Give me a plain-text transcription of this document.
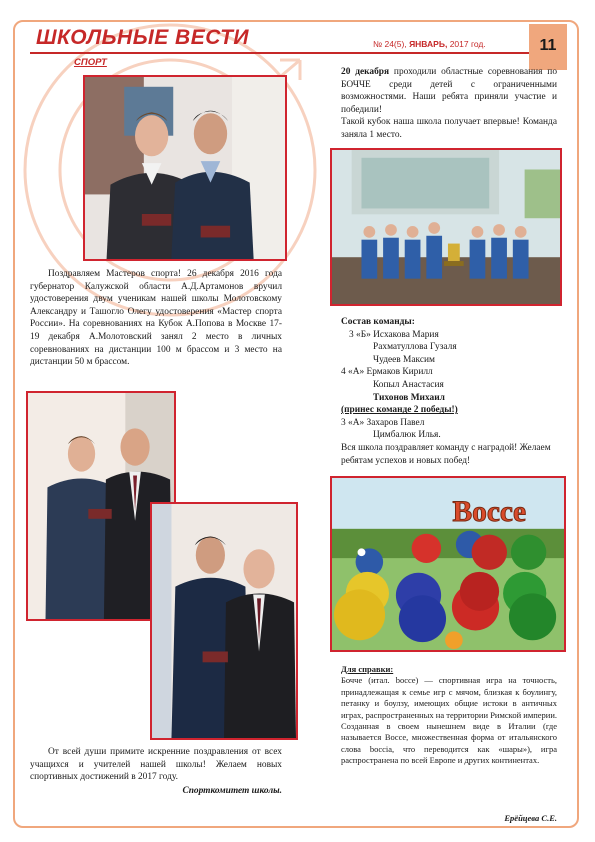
ШКОЛЬНЫЕ ВЕСТИ	№ 24(5), ЯНВАРЬ, 2017 год.	11
СПОРТ
Поздравляем Мастеров спорта! 26 декабря 2016 года губернатор Калужской области А.Д.Артамонов вручил удостоверения двум ученикам нашей школы Молотовскому Александру и Ташогло Олегу удостоверения «Мастер спорта России». На соревнованиях на Кубок А.Попова в Москве 17-19 декабря А.Молотовский занял 2 место в личных соревнованиях на дистанции 100 м брассом и 3 место на дистанции 50 м брассом.
От всей души примите искренние поздравления от всех учащихся и учителей нашей школы! Желаем новых спортивных достижений в 2017 году.
Спорткомитет школы.

20 декабря проходили областные соревнования по БОЧЧЕ среди детей с ограниченными возможностями. Наши ребята приняли участие и победили!

Такой кубок наша школа получает впервые! Команда заняла 1 место.

Состав команды:

3 «Б» Исхакова Мария

Рахматуллова Гузаля

Чудеев Максим

4 «А» Ермаков Кирилл

Копыл Анастасия

Тихонов Михаил

(принес команде 2 победы!)

3 «А» Захаров Павел

Цимбалюк Илья.

Вся школа поздравляет команду с наградой! Желаем ребятам успехов и новых побед!

Bocce

Для справки:

Бочче (итал. bocce) — спортивная игра на точность, принадлежащая к семье игр с мячом, близкая к боулингу, петанку и боулзу, имеющих общие истоки в античных играх, распространенных на территории Римской империи. Созданная в своем нынешнем виде в Италии (где называется Bocce, множественная форма от итальянского слова boccia, что переводится как «шары»), игра распространена по всей Европе и других континентах.

Ерёйцева С.Е.
